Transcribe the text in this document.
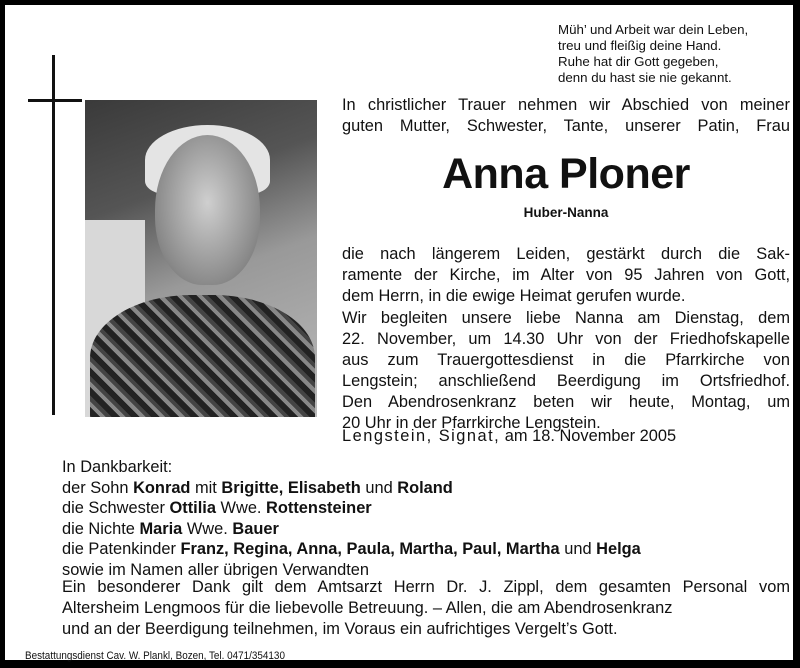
Müh’ und Arbeit war dein Leben,
treu und fleißig deine Hand.
Ruhe hat dir Gott gegeben,
denn du hast sie nie gekannt.
In christlicher Trauer nehmen wir Abschied von meiner
guten Mutter, Schwester, Tante, unserer Patin, Frau
Anna Ploner
Huber-Nanna
die nach längerem Leiden, gestärkt durch die Sak-
ramente der Kirche, im Alter von 95 Jahren von Gott,
dem Herrn, in die ewige Heimat gerufen wurde.
Wir begleiten unsere liebe Nanna am Dienstag, dem
22. November, um 14.30 Uhr von der Friedhofskapelle
aus zum Trauergottesdienst in die Pfarrkirche von
Lengstein; anschließend Beerdigung im Ortsfriedhof.
Den Abendrosenkranz beten wir heute, Montag, um
20 Uhr in der Pfarrkirche Lengstein.
Lengstein, Signat, am 18. November 2005
In Dankbarkeit:
der Sohn Konrad mit Brigitte, Elisabeth und Roland
die Schwester Ottilia Wwe. Rottensteiner
die Nichte Maria Wwe. Bauer
die Patenkinder Franz, Regina, Anna, Paula, Martha, Paul, Martha und Helga
sowie im Namen aller übrigen Verwandten
Ein besonderer Dank gilt dem Amtsarzt Herrn Dr. J. Zippl, dem gesamten Personal vom
Altersheim Lengmoos für die liebevolle Betreuung. – Allen, die am Abendrosenkranz
und an der Beerdigung teilnehmen, im Voraus ein aufrichtiges Vergelt’s Gott.
Bestattungsdienst Cav. W. Plankl, Bozen, Tel. 0471/354130
